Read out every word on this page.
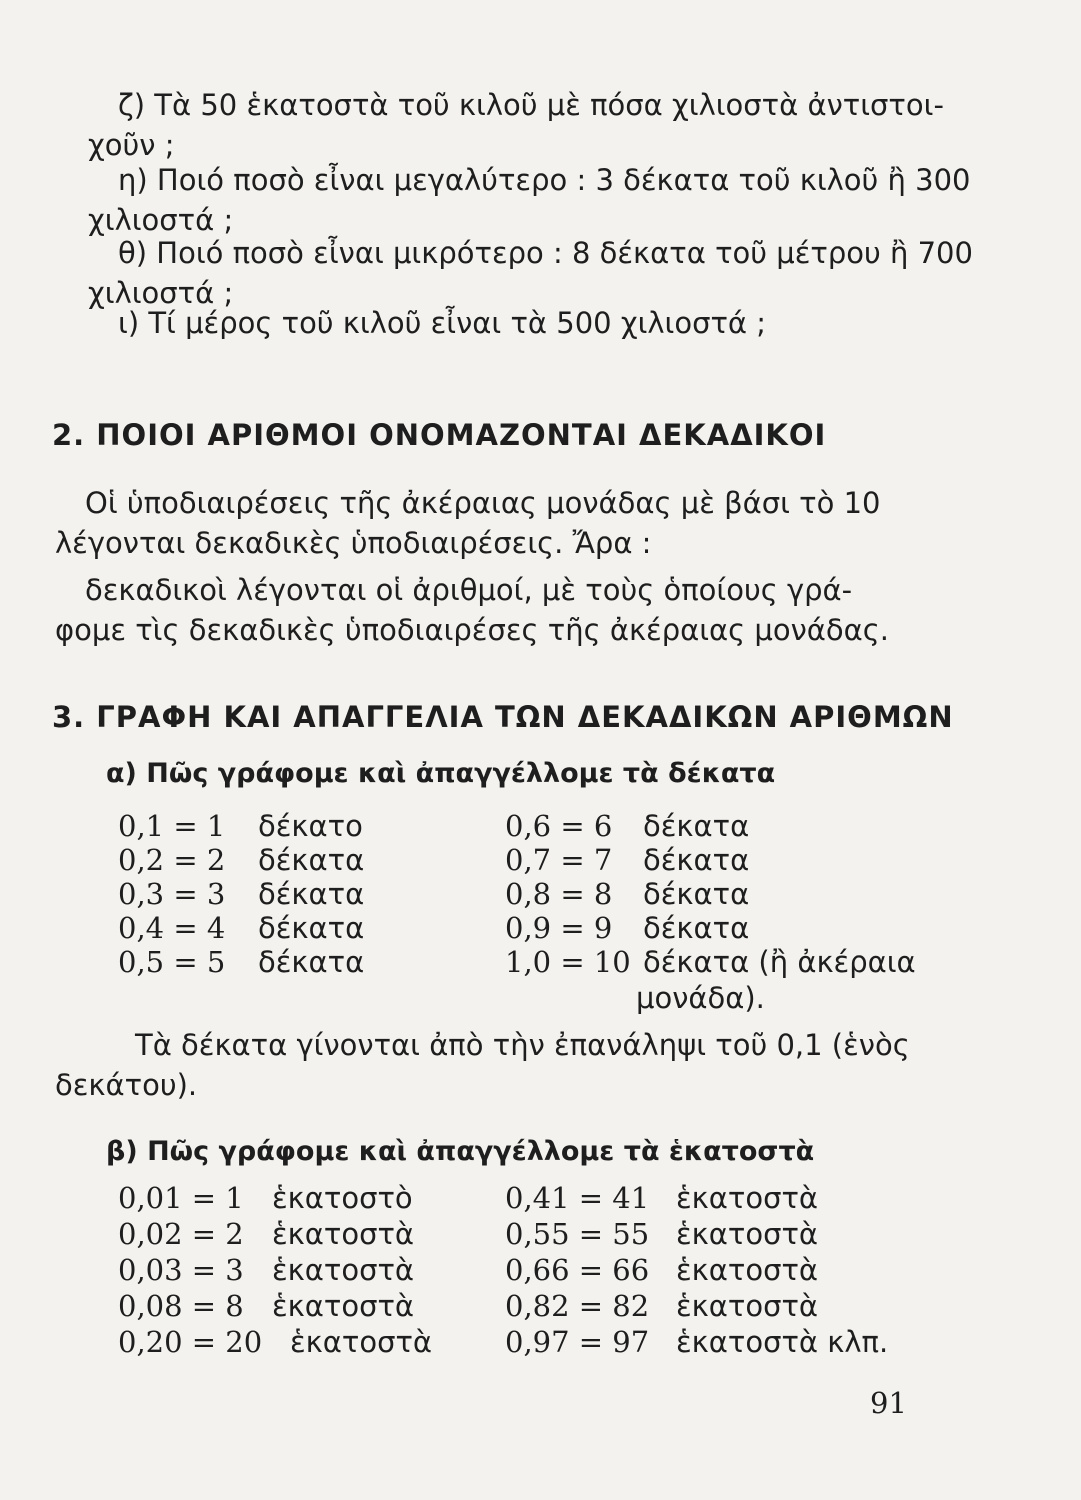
ζ) Τὰ 50 ἑκατοστὰ τοῦ κιλοῦ μὲ πόσα χιλιοστὰ ἀντιστοι-
χοῦν ;

η) Ποιό ποσὸ εἶναι μεγαλύτερο : 3 δέκατα τοῦ κιλοῦ ἢ 300
χιλιοστά ;

θ) Ποιό ποσὸ εἶναι μικρότερο : 8 δέκατα τοῦ μέτρου ἢ 700
χιλιοστά ;

ι) Τί μέρος τοῦ κιλοῦ εἶναι τὰ 500 χιλιοστά ;

2. ΠΟΙΟΙ ΑΡΙΘΜΟΙ ΟΝΟΜΑΖΟΝΤΑΙ ΔΕΚΑΔΙΚΟΙ

Οἱ ὑποδιαιρέσεις τῆς ἀκέραιας μονάδας μὲ βάσι τὸ 10
λέγονται δεκαδικὲς ὑποδιαιρέσεις. Ἄρα :

δεκαδικοὶ λέγονται οἱ ἀριθμοί, μὲ τοὺς ὁποίους γρά-
φομε τὶς δεκαδικὲς ὑποδιαιρέσες τῆς ἀκέραιας μονάδας.

3. ΓΡΑΦΗ ΚΑΙ ΑΠΑΓΓΕΛΙΑ ΤΩΝ ΔΕΚΑΔΙΚΩΝ ΑΡΙΘΜΩΝ
α) Πῶς γράφομε καὶ ἀπαγγέλλομε τὰ δέκατα
0,1 = 1 δέκατο
0,2 = 2 δέκατα
0,3 = 3 δέκατα
0,4 = 4 δέκατα
0,5 = 5 δέκατα
0,6 = 6 δέκατα
0,7 = 7 δέκατα
0,8 = 8 δέκατα
0,9 = 9 δέκατα
1,0 = 10 δέκατα (ἢ ἀκέραια
μονάδα).

Τὰ δέκατα γίνονται ἀπὸ τὴν ἐπανάληψι τοῦ 0,1 (ἑνὸς
δεκάτου).

β) Πῶς γράφομε καὶ ἀπαγγέλλομε τὰ ἑκατοστὰ
0,01 = 1 ἑκατοστὸ
0,02 = 2 ἑκατοστὰ
0,03 = 3 ἑκατοστὰ
0,08 = 8 ἑκατοστὰ
0,20 = 20 ἑκατοστὰ
0,41 = 41 ἑκατοστὰ
0,55 = 55 ἑκατοστὰ
0,66 = 66 ἑκατοστὰ
0,82 = 82 ἑκατοστὰ
0,97 = 97 ἑκατοστὰ κλπ.
91
